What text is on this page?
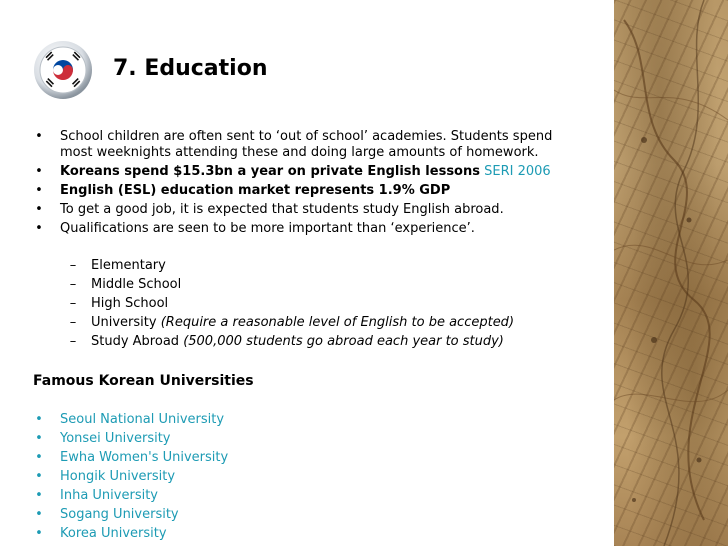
7. Education
• School children are often sent to ‘out of school’ academies. Students spend most weeknights attending these and doing large amounts of homework.
• Koreans spend $15.3bn a year on private English lessons SERI 2006
• English (ESL) education market represents 1.9% GDP
• To get a good job, it is expected that students study English abroad.
• Qualifications are seen to be more important than ‘experience’.
– Elementary
– Middle School
– High School
– University (Require a reasonable level of English to be accepted)
– Study Abroad (500,000 students go abroad each year to study)
Famous Korean Universities
• Seoul National University
• Yonsei University
• Ewha Women's University
• Hongik University
• Inha University
• Sogang University
• Korea University
